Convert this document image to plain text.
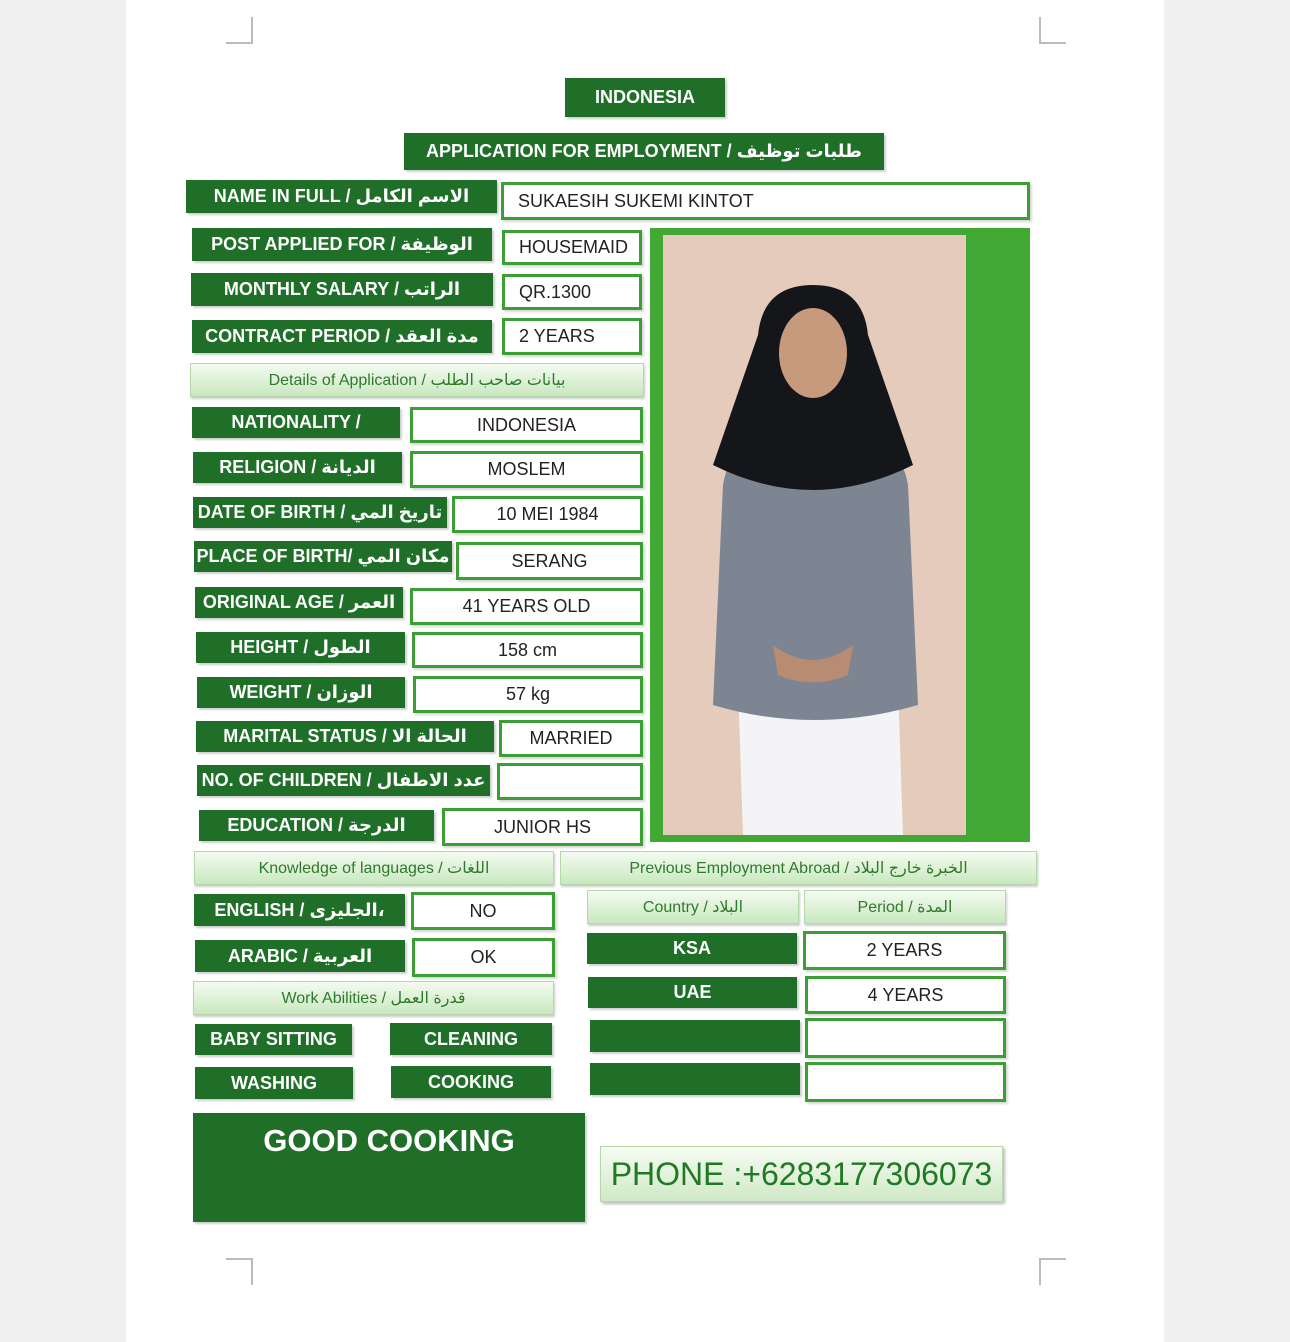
INDONESIA
APPLICATION FOR EMPLOYMENT / طلبات توظيف
NAME IN FULL / الاسم الكامل	SUKAESIH SUKEMI KINTOT
POST APPLIED FOR / الوظيفة	HOUSEMAID
MONTHLY SALARY / الراتب	QR.1300
CONTRACT PERIOD / مدة العقد	2 YEARS
Details of Application / بيانات صاحب الطلب
NATIONALITY /	INDONESIA
RELIGION / الديانة	MOSLEM
DATE OF BIRTH / تاريخ المي	10 MEI 1984
PLACE OF BIRTH/ مكان المي	SERANG
ORIGINAL AGE / العمر	41 YEARS OLD
HEIGHT / الطول	158 cm
WEIGHT / الوزان	57 kg
MARITAL STATUS / الحالة الا	MARRIED
NO. OF CHILDREN / عدد الاطفال
EDUCATION / الدرجة	JUNIOR HS
Knowledge of languages / اللغات	Previous Employment Abroad / الخبرة خارج البلاد
ENGLISH / الجليزى،	NO
ARABIC / العربية	OK
Work Abilities / قدرة العمل
BABY SITTING	CLEANING
WASHING	COOKING
Country / البلاد	Period / المدة
KSA	2 YEARS
UAE	4 YEARS
GOOD COOKING
PHONE :+6283177306073
